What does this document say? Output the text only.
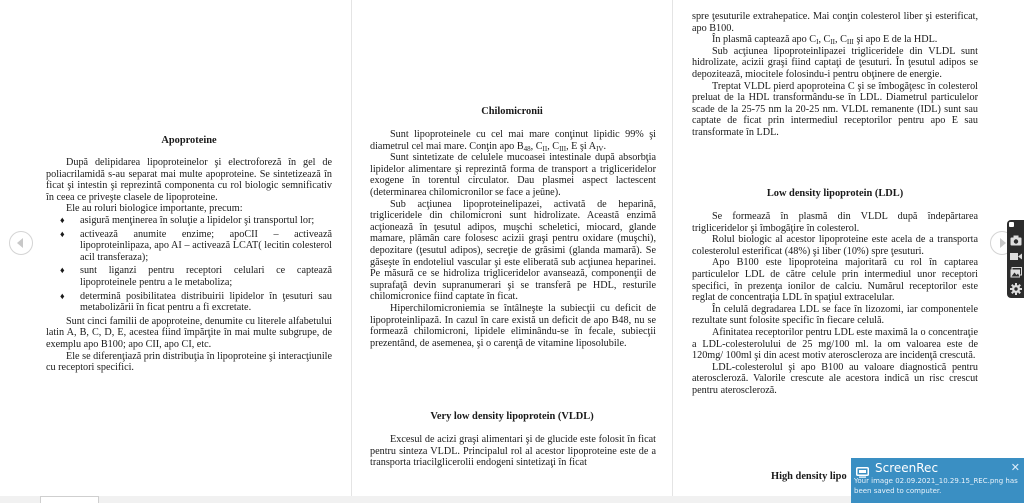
Apoproteine

După delipidarea lipoproteinelor şi electroforeză în gel de poliacrilamidă s-au separat mai multe apoproteine. Se sintetizează în ficat şi intestin şi reprezintă componenta cu rol biologic semnificativ în ceea ce priveşte clasele de lipoproteine.

Ele au roluri biologice importante, precum:

♦ asigură menţinerea în soluţie a lipidelor şi transportul lor;
♦ activează anumite enzime; apoCII – activează lipoproteinlipaza, apo AI – activează LCAT( lecitin colesterol acil transferaza);
♦ sunt liganzi pentru receptori celulari ce captează lipoproteinele pentru a le metaboliza;
♦ determină posibilitatea distribuirii lipidelor în ţesuturi sau metabolizării în ficat pentru a fi excretate.

Sunt cinci familii de apoproteine, denumite cu literele alfabetului latin A, B, C, D, E, acestea fiind împărţite în mai multe subgrupe, de exemplu apo B100; apo CII, apo CI, etc.

Ele se diferenţiază prin distribuţia în lipoproteine şi interacţiunile cu receptori specifici.

Chilomicronii

Sunt lipoproteinele cu cel mai mare conţinut lipidic 99% şi diametrul cel mai mare. Conţin apo $B_{48}$, $C_{II}$, $C_{III}$, E şi $A_{IV}$.

Sunt sintetizate de celulele mucoasei intestinale după absorbţia lipidelor alimentare şi reprezintă forma de transport a trigliceridelor exogene în torentul circulator. Dau plasmei aspect lactescent (determinarea chilomicronilor se face a jeûne).

Sub acţiunea lipoproteinelipazei, activată de heparină, trigliceridele din chilomicroni sunt hidrolizate. Această enzimă acţionează în ţesutul adipos, muşchi scheletici, miocard, glande mamare, plămân care folosesc acizii graşi pentru oxidare (muşchi), depozitare (ţesutul adipos), secreţie de grăsimi (glanda mamară). Se găseşte în endoteliul vascular şi este eliberată sub acţiunea heparinei. Pe măsură ce se hidroliza trigliceridelor avansează, componenţii de suprafaţă devin supranumerari şi se transferă pe HDL, resturile chilomicronice fiind captate în ficat.

Hiperchilomicroniemia se întâlneşte la subiecţii cu deficit de lipoproteinlipază. In cazul în care există un deficit de apo B48, nu se formează chilomicroni, lipidele eliminându-se în fecale, subiecţii prezentând, de asemenea, şi o carenţă de vitamine liposolubile.

Very low density lipoprotein (VLDL)

Excesul de acizi graşi alimentari şi de glucide este folosit în ficat pentru sinteza VLDL. Principalul rol al acestor lipoproteine este de a transporta triacilglicerolii endogeni sintetizaţi în ficat

spre ţesuturile extrahepatice. Mai conţin colesterol liber şi esterificat, apo B100.

În plasmă captează apo $C_I$, $C_{II}$, $C_{III}$ şi apo E de la HDL.

Sub acţiunea lipoproteinlipazei trigliceridele din VLDL sunt hidrolizate, acizii graşi fiind captaţi de ţesuturi. În ţesutul adipos se depozitează, miocitele folosindu-i pentru obţinere de energie.

Treptat VLDL pierd apoproteina C şi se îmbogăţesc în colesterol preluat de la HDL transformându-se în LDL. Diametrul particulelor scade de la 25-75 nm la 20-25 nm. VLDL remanente (IDL) sunt sau captate de ficat prin intermediul receptorilor pentru apo E sau transformate în LDL.

Low density lipoprotein (LDL)

Se formează în plasmă din VLDL după îndepărtarea trigliceridelor şi îmbogăţire în colesterol.

Rolul biologic al acestor lipoproteine este acela de a transporta colesterolul esterificat (48%) şi liber (10%) spre ţesuturi.

Apo B100 este lipoproteina majoritară cu rol în captarea particulelor LDL de către celule prin intermediul unor receptori specifici, în prezenţa ionilor de calciu. Numărul receptorilor este reglat de concentraţia LDL în spaţiul extracelular.

În celulă degradarea LDL se face în lizozomi, iar componentele rezultate sunt folosite specific în fiecare celulă.

Afinitatea receptorilor pentru LDL este maximă la o concentraţie a LDL-colesterolului de 25 mg/100 ml. la om valoarea este de 120mg/ 100ml şi din acest motiv ateroscleroza are incidenţă crescută.

LDL-colesterolul şi apo B100 au valoare diagnostică pentru ateroscleroză. Valorile crescute ale acestora indică un risc crescut pentru ateroscleroză.

High density lipo
ScreenRec	✕
Your image 02.09.2021_10.29.15_REC.png has been saved to computer.
